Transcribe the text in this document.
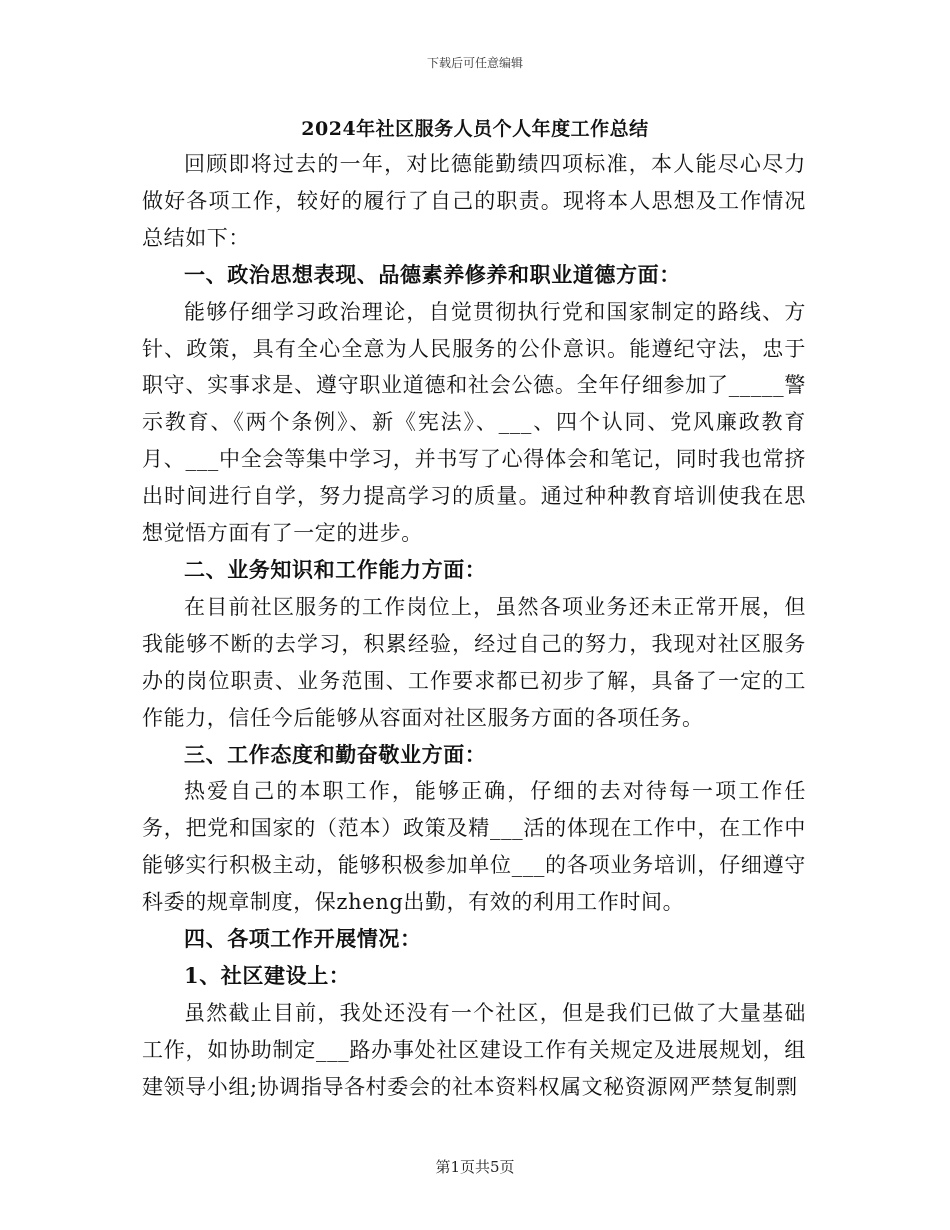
下载后可任意编辑
2024年社区服务人员个人年度工作总结

回顾即将过去的一年，对比德能勤绩四项标准，本人能尽心尽力做好各项工作，较好的履行了自己的职责。现将本人思想及工作情况总结如下：

一、政治思想表现、品德素养修养和职业道德方面：

能够仔细学习政治理论，自觉贯彻执行党和国家制定的路线、方针、政策，具有全心全意为人民服务的公仆意识。能遵纪守法，忠于职守、实事求是、遵守职业道德和社会公德。全年仔细参加了_____警示教育、《两个条例》、新《宪法》、___、四个认同、党风廉政教育月、___中全会等集中学习，并书写了心得体会和笔记，同时我也常挤出时间进行自学，努力提高学习的质量。通过种种教育培训使我在思想觉悟方面有了一定的进步。

二、业务知识和工作能力方面：

在目前社区服务的工作岗位上，虽然各项业务还未正常开展，但我能够不断的去学习，积累经验，经过自己的努力，我现对社区服务办的岗位职责、业务范围、工作要求都已初步了解，具备了一定的工作能力，信任今后能够从容面对社区服务方面的各项任务。

三、工作态度和勤奋敬业方面：

热爱自己的本职工作，能够正确，仔细的去对待每一项工作任务，把党和国家的（范本）政策及精___活的体现在工作中，在工作中能够实行积极主动，能够积极参加单位___的各项业务培训，仔细遵守科委的规章制度，保zheng出勤，有效的利用工作时间。

四、各项工作开展情况：

1、社区建设上：

虽然截止目前，我处还没有一个社区，但是我们已做了大量基础工作，如协助制定___路办事处社区建设工作有关规定及进展规划，组建领导小组;协调指导各村委会的社本资料权属文秘资源网严禁复制剽

第1页共5页
